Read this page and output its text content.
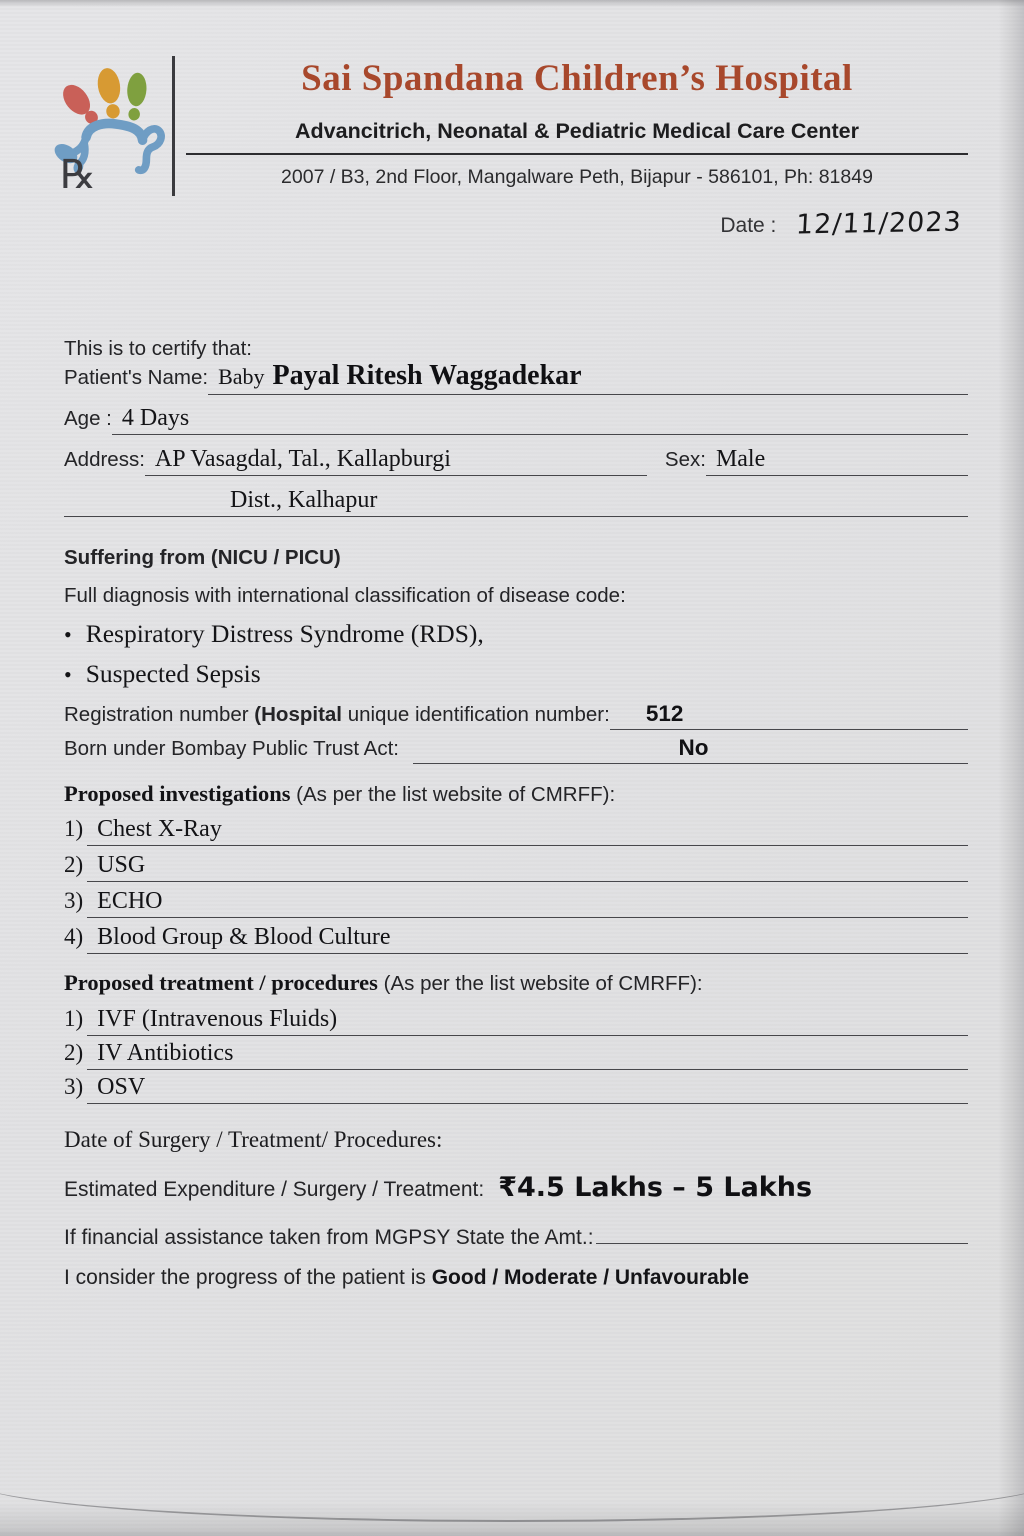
℞
Sai Spandana Children’s Hospital
Advancitrich, Neonatal & Pediatric Medical Care Center
2007 / B3, 2nd Floor, Mangalware Peth, Bijapur - 586101, Ph: 81849
Date : 12/11/2023
This is to certify that:
Patient's Name: Baby Payal Ritesh Waggadekar
Age : 4 Days
Address: AP Vasagdal, Tal., Kallapburgi	Sex: Male
Dist., Kalhapur
Suffering from (NICU / PICU)
Full diagnosis with international classification of disease code:
• Respiratory Distress Syndrome (RDS),
• Suspected Sepsis
Registration number (Hospital unique identification number:	512
Born under Bombay Public Trust Act:	No
Proposed investigations (As per the list website of CMRFF):
1) Chest X-Ray
2) USG
3) ECHO
4) Blood Group & Blood Culture
Proposed treatment / procedures (As per the list website of CMRFF):
1) IVF (Intravenous Fluids)
2) IV Antibiotics
3) OSV
Date of Surgery / Treatment/ Procedures:
Estimated Expenditure / Surgery / Treatment: ₹4.5 Lakhs – 5 Lakhs
If financial assistance taken from MGPSY State the Amt.:
I consider the progress of the patient is Good / Moderate / Unfavourable
